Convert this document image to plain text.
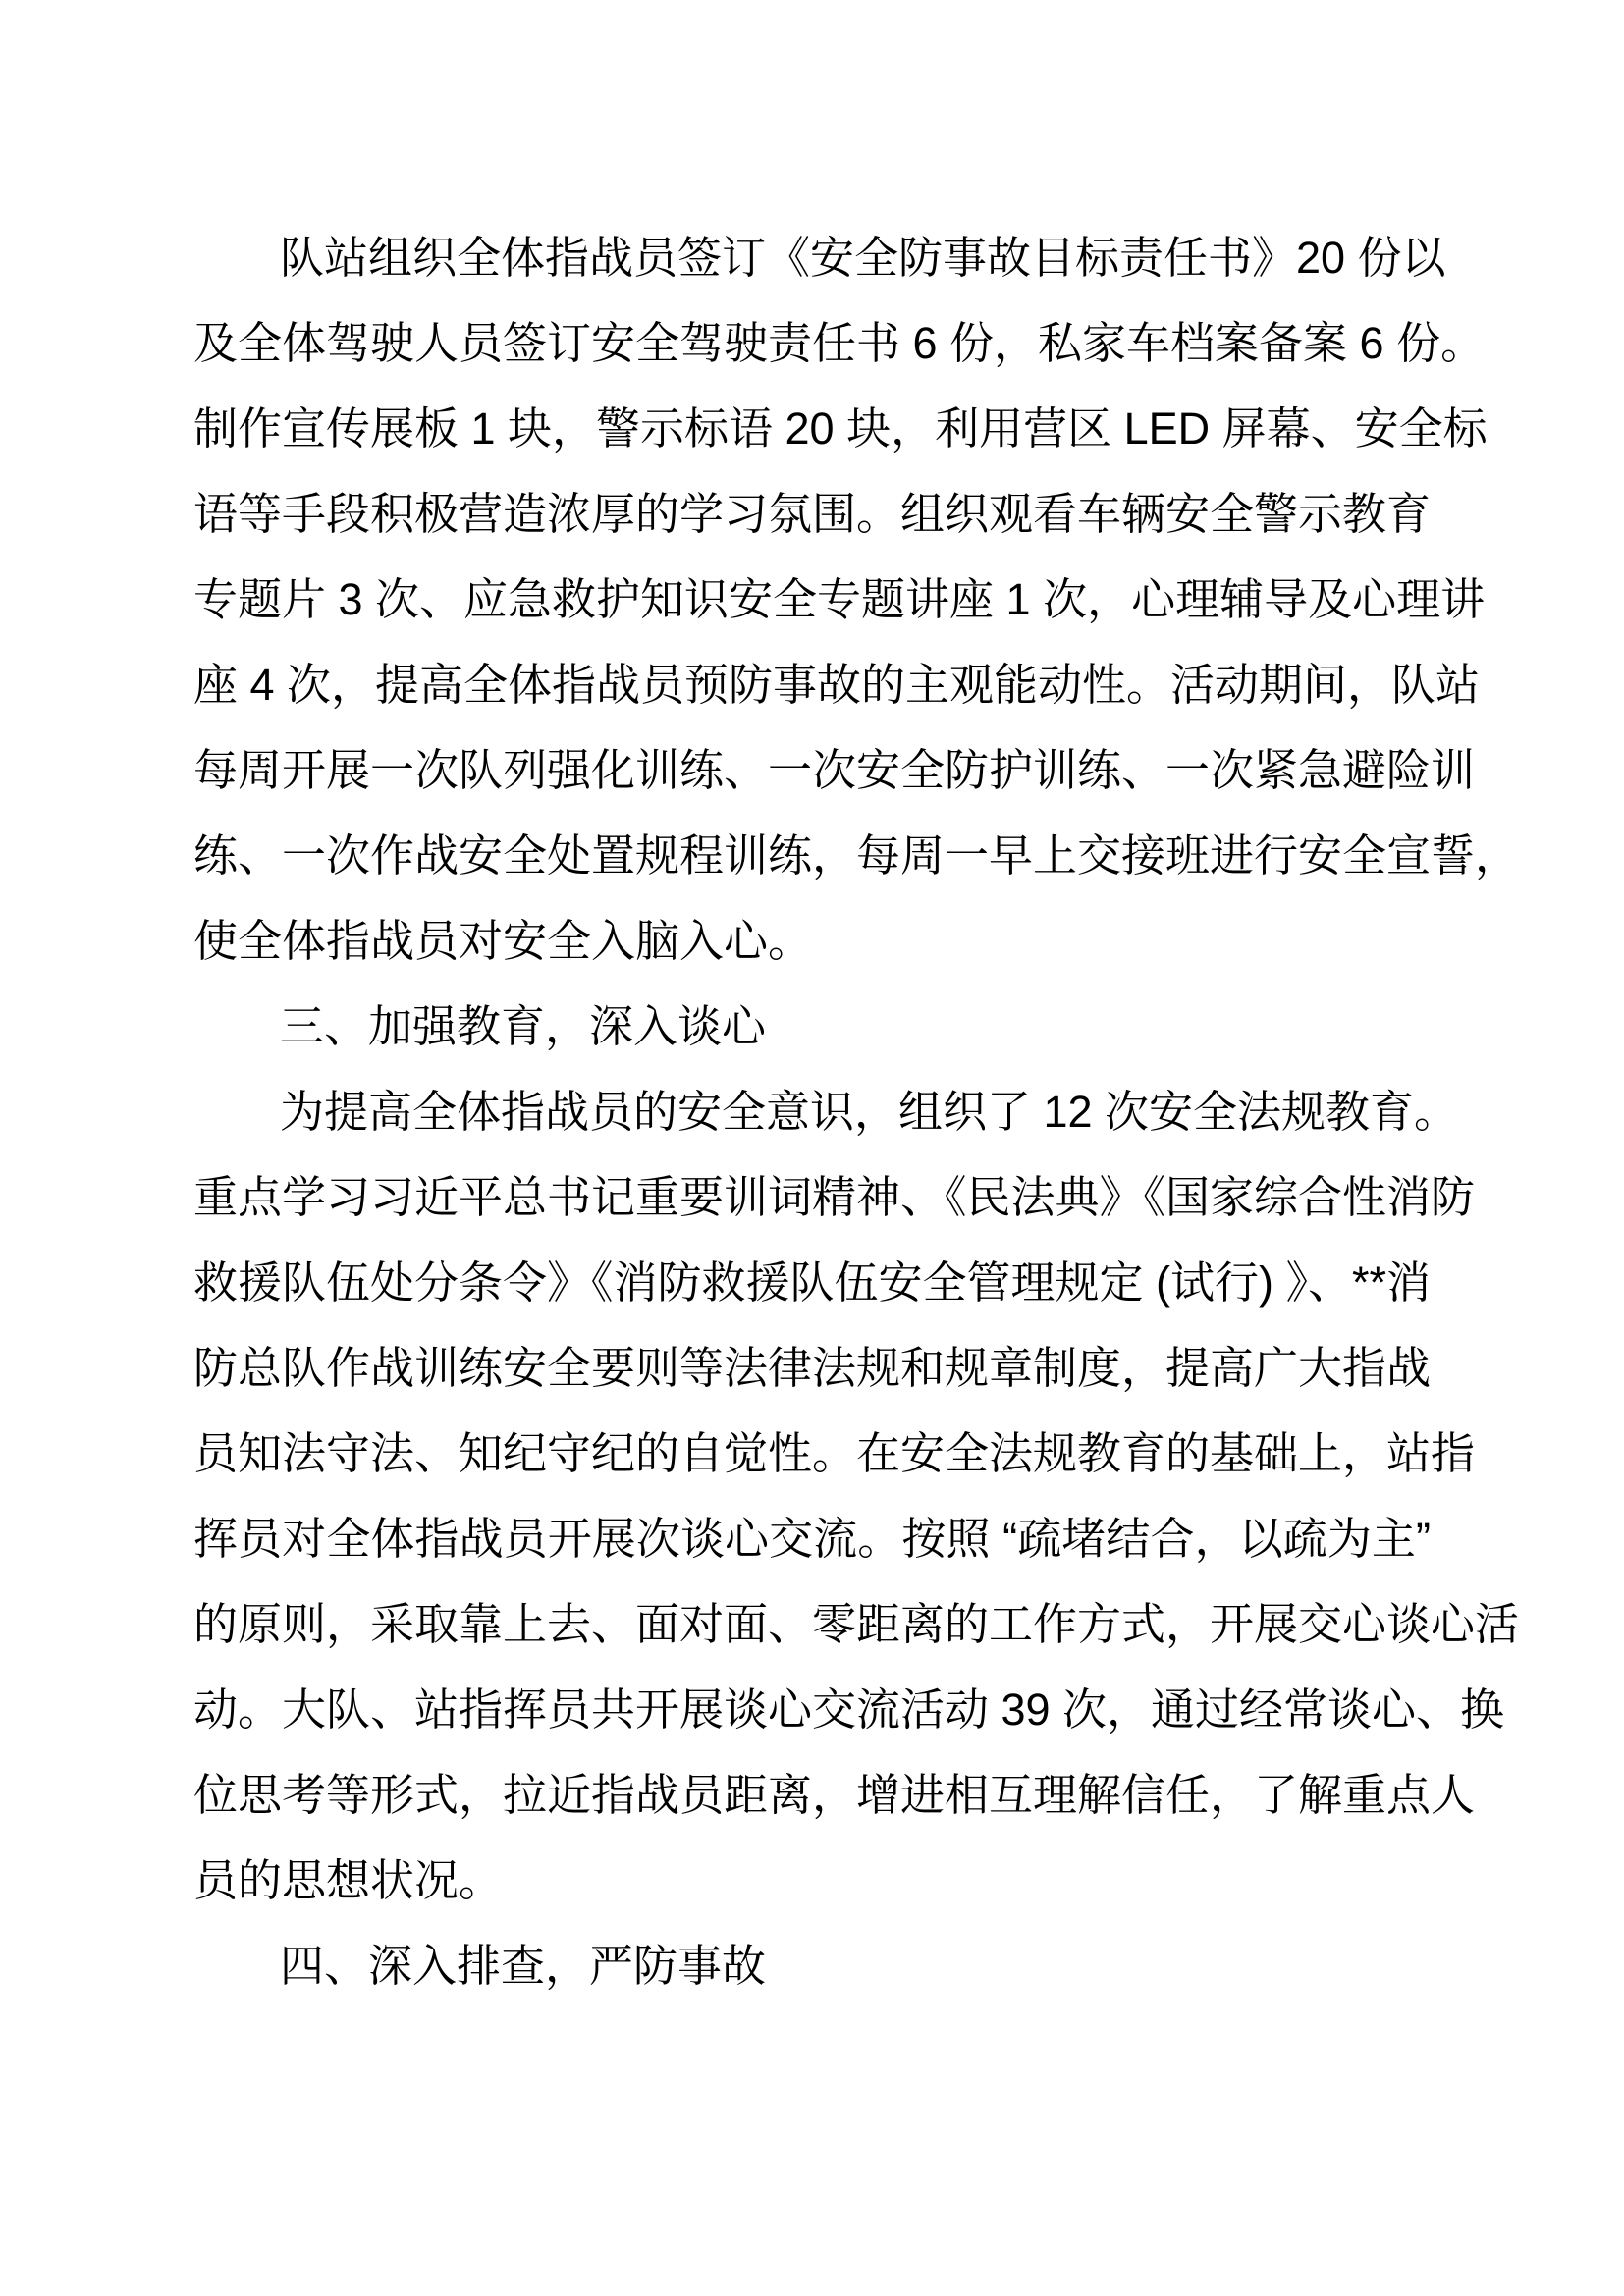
队站组织全体指战员签订《安全防事故目标责任书》20 份以
及全体驾驶人员签订安全驾驶责任书 6 份，私家车档案备案 6 份。
制作宣传展板 1 块，警示标语 20 块，利用营区 LED 屏幕、安全标
语等手段积极营造浓厚的学习氛围。组织观看车辆安全警示教育
专题片 3 次、应急救护知识安全专题讲座 1 次，心理辅导及心理讲
座 4 次，提高全体指战员预防事故的主观能动性。活动期间，队站
每周开展一次队列强化训练、一次安全防护训练、一次紧急避险训
练、一次作战安全处置规程训练，每周一早上交接班进行安全宣誓，
使全体指战员对安全入脑入心。
三、加强教育，深入谈心
为提高全体指战员的安全意识，组织了 12 次安全法规教育。
重点学习习近平总书记重要训词精神、《民法典》《国家综合性消防
救援队伍处分条令》《消防救援队伍安全管理规定 (试行) 》、**消
防总队作战训练安全要则等法律法规和规章制度，提高广大指战
员知法守法、知纪守纪的自觉性。在安全法规教育的基础上，站指
挥员对全体指战员开展次谈心交流。按照 “疏堵结合，以疏为主”
的原则，采取靠上去、面对面、零距离的工作方式，开展交心谈心活
动。大队、站指挥员共开展谈心交流活动 39 次，通过经常谈心、换
位思考等形式，拉近指战员距离，增进相互理解信任，了解重点人
员的思想状况。
四、深入排查，严防事故
